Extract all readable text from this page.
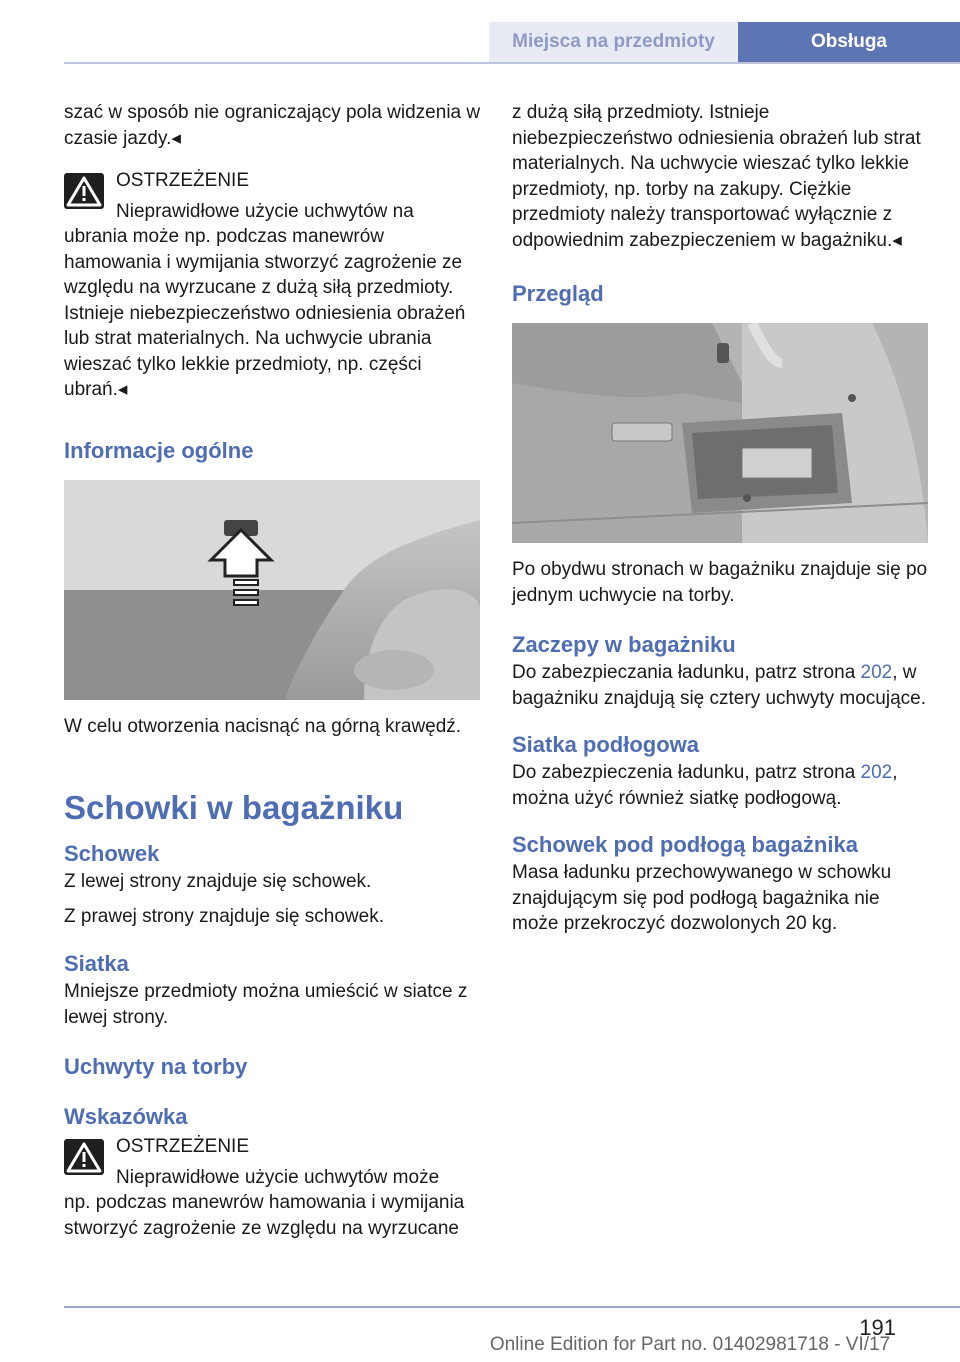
Miejsca na przedmioty	Obsługa

szać w sposób nie ograniczający pola widzenia w czasie jazdy.◂

OSTRZEŻENIE

Nieprawidłowe użycie uchwytów na

ubrania może np. podczas manewrów hamowania i wymijania stworzyć zagrożenie ze względu na wyrzucane z dużą siłą przedmioty. Istnieje niebezpieczeństwo odniesienia obrażeń lub strat materialnych. Na uchwycie ubrania wieszać tylko lekkie przedmioty, np. części ubrań.◂

Informacje ogólne

W celu otworzenia nacisnąć na górną krawędź.

Schowki w bagażniku
Schowek

Z lewej strony znajduje się schowek.

Z prawej strony znajduje się schowek.

Siatka

Mniejsze przedmioty można umieścić w siatce z lewej strony.

Uchwyty na torby
Wskazówka

OSTRZEŻENIE

Nieprawidłowe użycie uchwytów może

np. podczas manewrów hamowania i wymijania stworzyć zagrożenie ze względu na wyrzucane

z dużą siłą przedmioty. Istnieje niebezpieczeństwo odniesienia obrażeń lub strat materialnych. Na uchwycie wieszać tylko lekkie przedmioty, np. torby na zakupy. Ciężkie przedmioty należy transportować wyłącznie z odpowiednim zabezpieczeniem w bagażniku.◂

Przegląd

Po obydwu stronach w bagażniku znajduje się po jednym uchwycie na torby.

Zaczepy w bagażniku

Do zabezpieczania ładunku, patrz strona 202, w bagażniku znajdują się cztery uchwyty mocujące.

Siatka podłogowa

Do zabezpieczenia ładunku, patrz strona 202, można użyć również siatkę podłogową.

Schowek pod podłogą bagażnika

Masa ładunku przechowywanego w schowku znajdującym się pod podłogą bagażnika nie może przekroczyć dozwolonych 20 kg.

191
Online Edition for Part no. 01402981718 - VI/17
